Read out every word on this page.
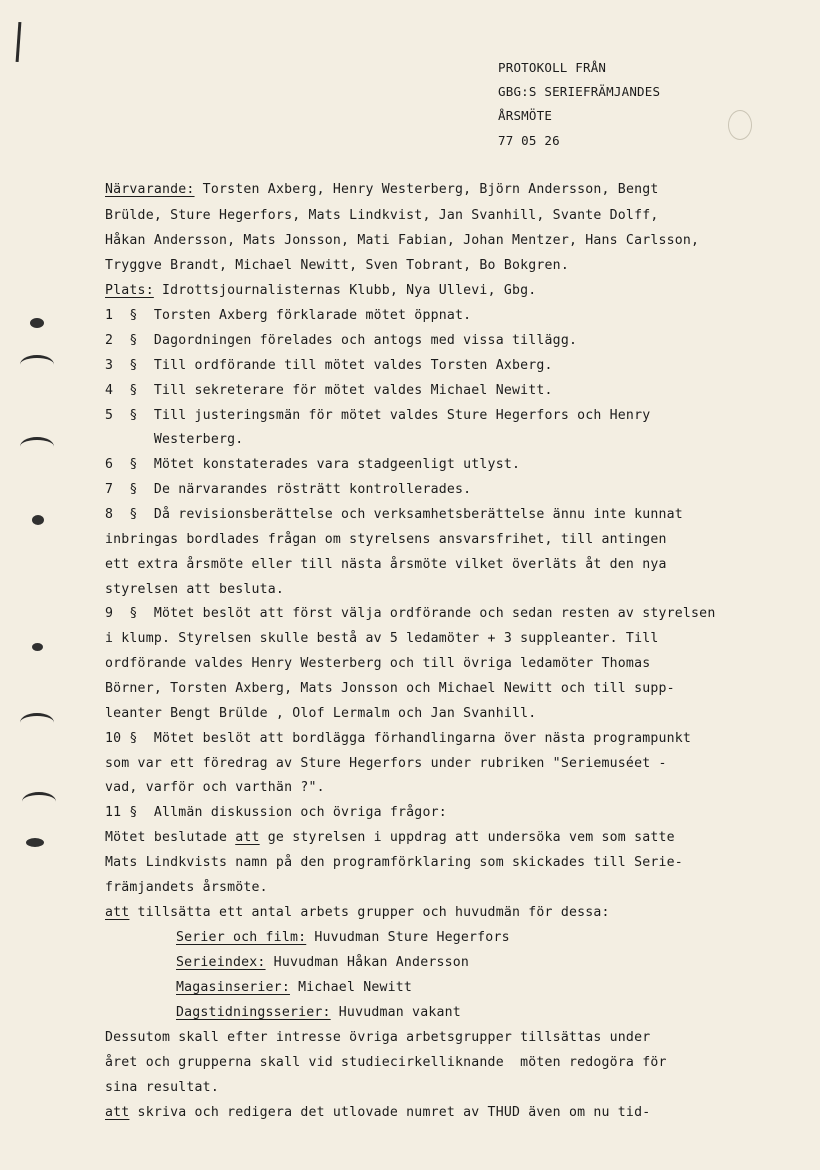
PROTOKOLL FRÅN
GBG:S SERIEFRÄMJANDES
ÅRSMÖTE
77 05 26
Närvarande: Torsten Axberg, Henry Westerberg, Björn Andersson, Bengt
Brülde, Sture Hegerfors, Mats Lindkvist, Jan Svanhill, Svante Dolff,
Håkan Andersson, Mats Jonsson, Mati Fabian, Johan Mentzer, Hans Carlsson,
Tryggve Brandt, Michael Newitt, Sven Tobrant, Bo Bokgren.
Plats: Idrottsjournalisternas Klubb, Nya Ullevi, Gbg.
1  §  Torsten Axberg förklarade mötet öppnat.
2  §  Dagordningen förelades och antogs med vissa tillägg.
3  §  Till ordförande till mötet valdes Torsten Axberg.
4  §  Till sekreterare för mötet valdes Michael Newitt.
5  §  Till justeringsmän för mötet valdes Sture Hegerfors och Henry
Westerberg.
6  §  Mötet konstaterades vara stadgeenligt utlyst.
7  §  De närvarandes rösträtt kontrollerades.
8  §  Då revisionsberättelse och verksamhetsberättelse ännu inte kunnat
inbringas bordlades frågan om styrelsens ansvarsfrihet, till antingen
ett extra årsmöte eller till nästa årsmöte vilket överläts åt den nya
styrelsen att besluta.
9  §  Mötet beslöt att först välja ordförande och sedan resten av styrelsen
i klump. Styrelsen skulle bestå av 5 ledamöter + 3 suppleanter. Till
ordförande valdes Henry Westerberg och till övriga ledamöter Thomas
Börner, Torsten Axberg, Mats Jonsson och Michael Newitt och till supp-
leanter Bengt Brülde , Olof Lermalm och Jan Svanhill.
10 §  Mötet beslöt att bordlägga förhandlingarna över nästa programpunkt
som var ett föredrag av Sture Hegerfors under rubriken "Seriemuséet -
vad, varför och varthän ?".
11 §  Allmän diskussion och övriga frågor:
Mötet beslutade att ge styrelsen i uppdrag att undersöka vem som satte
Mats Lindkvists namn på den programförklaring som skickades till Serie-
främjandets årsmöte.
att tillsätta ett antal arbets grupper och huvudmän för dessa:
Serier och film: Huvudman Sture Hegerfors
Serieindex: Huvudman Håkan Andersson
Magasinserier: Michael Newitt
Dagstidningsserier: Huvudman vakant
Dessutom skall efter intresse övriga arbetsgrupper tillsättas under
året och grupperna skall vid studiecirkelliknande  möten redogöra för
sina resultat.
att skriva och redigera det utlovade numret av THUD även om nu tid-
